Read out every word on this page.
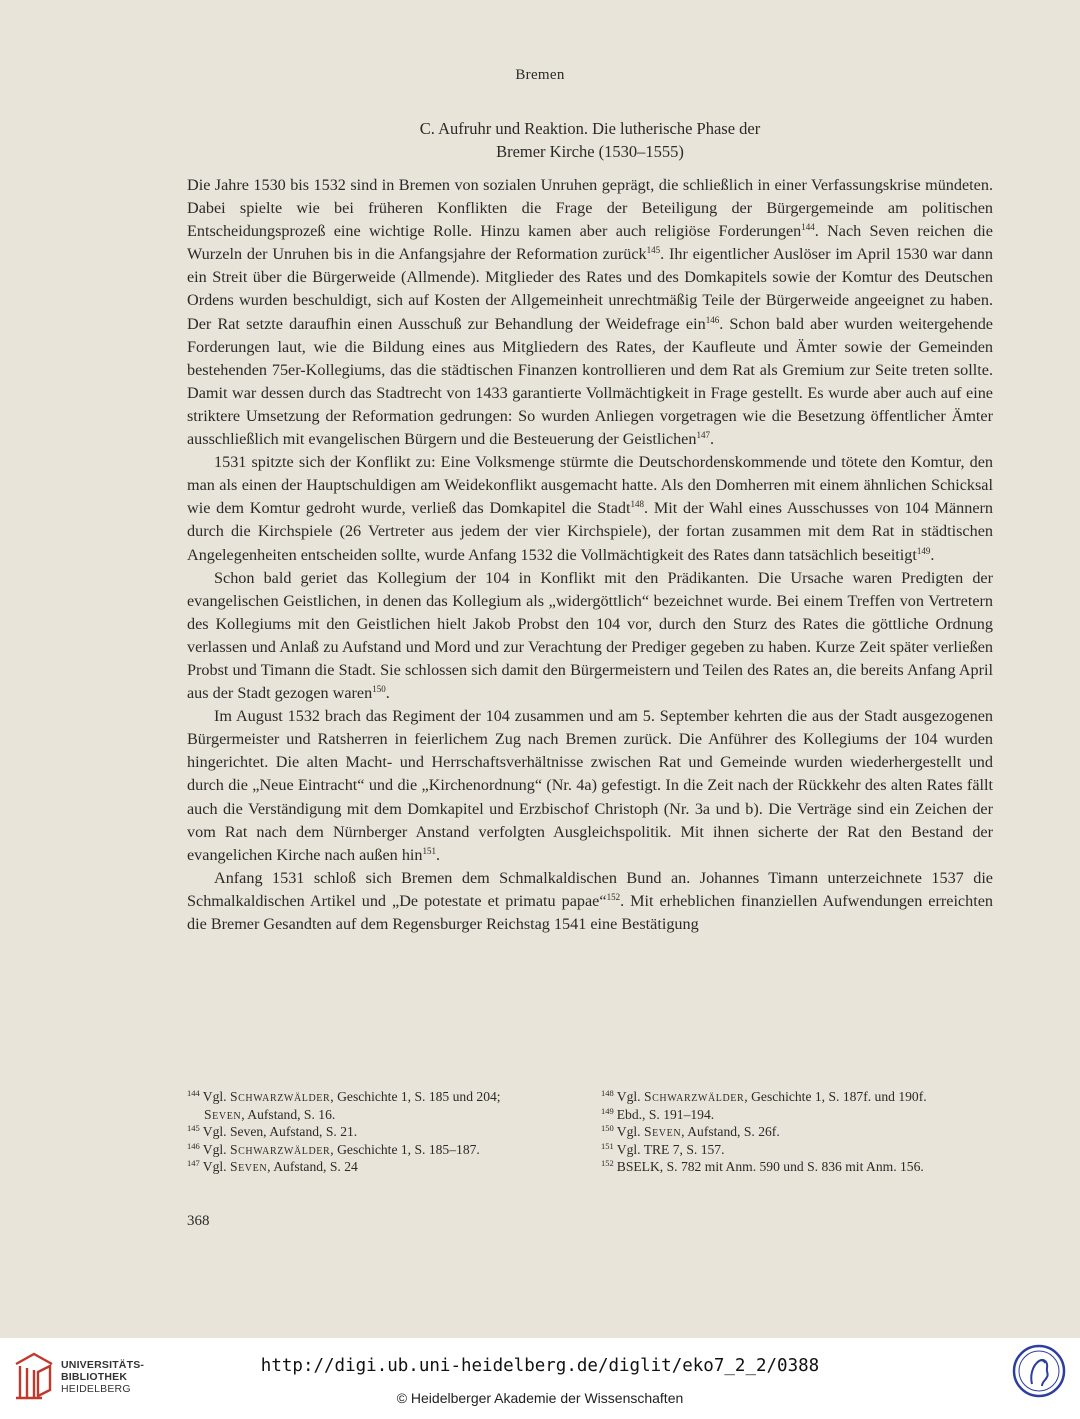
Bremen
C. Aufruhr und Reaktion. Die lutherische Phase der
Bremer Kirche (1530–1555)

Die Jahre 1530 bis 1532 sind in Bremen von sozialen Unruhen geprägt, die schließlich in einer Verfassungskrise mündeten. Dabei spielte wie bei früheren Konflikten die Frage der Beteiligung der Bürgergemeinde am politischen Entscheidungsprozeß eine wichtige Rolle. Hinzu kamen aber auch religiöse Forderungen$^{144}$. Nach Seven reichen die Wurzeln der Unruhen bis in die Anfangsjahre der Reformation zurück$^{145}$. Ihr eigentlicher Auslöser im April 1530 war dann ein Streit über die Bürgerweide (Allmende). Mitglieder des Rates und des Domkapitels sowie der Komtur des Deutschen Ordens wurden beschuldigt, sich auf Kosten der Allgemeinheit unrechtmäßig Teile der Bürgerweide angeeignet zu haben. Der Rat setzte daraufhin einen Ausschuß zur Behandlung der Weidefrage ein$^{146}$. Schon bald aber wurden weitergehende Forderungen laut, wie die Bildung eines aus Mitgliedern des Rates, der Kaufleute und Ämter sowie der Gemeinden bestehenden 75er-Kollegiums, das die städtischen Finanzen kontrollieren und dem Rat als Gremium zur Seite treten sollte. Damit war dessen durch das Stadtrecht von 1433 garantierte Vollmächtigkeit in Frage gestellt. Es wurde aber auch auf eine striktere Umsetzung der Reformation gedrungen: So wurden Anliegen vorgetragen wie die Besetzung öffentlicher Ämter ausschließlich mit evangelischen Bürgern und die Besteuerung der Geistlichen$^{147}$.

1531 spitzte sich der Konflikt zu: Eine Volksmenge stürmte die Deutschordenskommende und tötete den Komtur, den man als einen der Hauptschuldigen am Weidekonflikt ausgemacht hatte. Als den Domherren mit einem ähnlichen Schicksal wie dem Komtur gedroht wurde, verließ das Domkapitel die Stadt$^{148}$. Mit der Wahl eines Ausschusses von 104 Männern durch die Kirchspiele (26 Vertreter aus jedem der vier Kirchspiele), der fortan zusammen mit dem Rat in städtischen Angelegenheiten entscheiden sollte, wurde Anfang 1532 die Vollmächtigkeit des Rates dann tatsächlich beseitigt$^{149}$.

Schon bald geriet das Kollegium der 104 in Konflikt mit den Prädikanten. Die Ursache waren Predigten der evangelischen Geistlichen, in denen das Kollegium als „widergöttlich“ bezeichnet wurde. Bei einem Treffen von Vertretern des Kollegiums mit den Geistlichen hielt Jakob Probst den 104 vor, durch den Sturz des Rates die göttliche Ordnung verlassen und Anlaß zu Aufstand und Mord und zur Verachtung der Prediger gegeben zu haben. Kurze Zeit später verließen Probst und Timann die Stadt. Sie schlossen sich damit den Bürgermeistern und Teilen des Rates an, die bereits Anfang April aus der Stadt gezogen waren$^{150}$.

Im August 1532 brach das Regiment der 104 zusammen und am 5. September kehrten die aus der Stadt ausgezogenen Bürgermeister und Ratsherren in feierlichem Zug nach Bremen zurück. Die Anführer des Kollegiums der 104 wurden hingerichtet. Die alten Macht- und Herrschaftsverhältnisse zwischen Rat und Gemeinde wurden wiederhergestellt und durch die „Neue Eintracht“ und die „Kirchenordnung“ (Nr. 4a) gefestigt. In die Zeit nach der Rückkehr des alten Rates fällt auch die Verständigung mit dem Domkapitel und Erzbischof Christoph (Nr. 3a und b). Die Verträge sind ein Zeichen der vom Rat nach dem Nürnberger Anstand verfolgten Ausgleichspolitik. Mit ihnen sicherte der Rat den Bestand der evangelichen Kirche nach außen hin$^{151}$.

Anfang 1531 schloß sich Bremen dem Schmalkaldischen Bund an. Johannes Timann unterzeichnete 1537 die Schmalkaldischen Artikel und „De potestate et primatu papae“$^{152}$. Mit erheblichen finanziellen Aufwendungen erreichten die Bremer Gesandten auf dem Regensburger Reichstag 1541 eine Bestätigung

$^{144}$ Vgl. Schwarzwälder, Geschichte 1, S. 185 und 204;
Seven, Aufstand, S. 16.
$^{145}$ Vgl. Seven, Aufstand, S. 21.
$^{146}$ Vgl. Schwarzwälder, Geschichte 1, S. 185–187.
$^{147}$ Vgl. Seven, Aufstand, S. 24
$^{148}$ Vgl. Schwarzwälder, Geschichte 1, S. 187f. und 190f.
$^{149}$ Ebd., S. 191–194.
$^{150}$ Vgl. Seven, Aufstand, S. 26f.
$^{151}$ Vgl. TRE 7, S. 157.
$^{152}$ BSELK, S. 782 mit Anm. 590 und S. 836 mit Anm. 156.
368
UNIVERSITÄTS-
BIBLIOTHEK
HEIDELBERG
http://digi.ub.uni-heidelberg.de/diglit/eko7_2_2/0388
© Heidelberger Akademie der Wissenschaften
